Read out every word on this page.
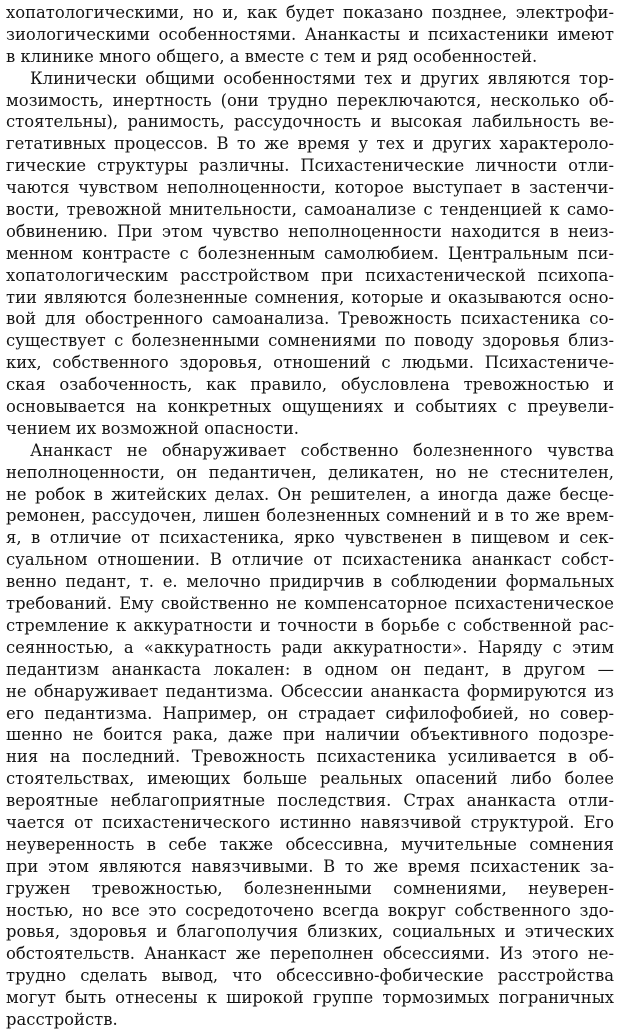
хопатологическими, но и, как будет показано позднее, электрофи-
зиологическими особенностями. Ананкасты и психастеники имеют
в клинике много общего, а вместе с тем и ряд особенностей.
Клинически общими особенностями тех и других являются тор-
мозимость, инертность (они трудно переключаются, несколько об-
стоятельны), ранимость, рассудочность и высокая лабильность ве-
гетативных процессов. В то же время у тех и других характероло-
гические структуры различны. Психастенические личности отли-
чаются чувством неполноценности, которое выступает в застенчи-
вости, тревожной мнительности, самоанализе с тенденцией к само-
обвинению. При этом чувство неполноценности находится в неиз-
менном контрасте с болезненным самолюбием. Центральным пси-
хопатологическим расстройством при психастенической психопа-
тии являются болезненные сомнения, которые и оказываются осно-
вой для обостренного самоанализа. Тревожность психастеника со-
существует с болезненными сомнениями по поводу здоровья близ-
ких, собственного здоровья, отношений с людьми. Психастениче-
ская озабоченность, как правило, обусловлена тревожностью и
основывается на конкретных ощущениях и событиях с преувели-
чением их возможной опасности.
Ананкаст не обнаруживает собственно болезненного чувства
неполноценности, он педантичен, деликатен, но не стеснителен,
не робок в житейских делах. Он решителен, а иногда даже бесце-
ремонен, рассудочен, лишен болезненных сомнений и в то же врем-
я, в отличие от психастеника, ярко чувственен в пищевом и сек-
суальном отношении. В отличие от психастеника ананкаст собст-
венно педант, т. е. мелочно придирчив в соблюдении формальных
требований. Ему свойственно не компенсаторное психастеническое
стремление к аккуратности и точности в борьбе с собственной рас-
сеянностью, а «аккуратность ради аккуратности». Наряду с этим
педантизм ананкаста локален: в одном он педант, в другом —
не обнаруживает педантизма. Обсессии ананкаста формируются из
его педантизма. Например, он страдает сифилофобией, но совер-
шенно не боится рака, даже при наличии объективного подозре-
ния на последний. Тревожность психастеника усиливается в об-
стоятельствах, имеющих больше реальных опасений либо более
вероятные неблагоприятные последствия. Страх ананкаста отли-
чается от психастенического истинно навязчивой структурой. Его
неуверенность в себе также обсессивна, мучительные сомнения
при этом являются навязчивыми. В то же время психастеник за-
гружен тревожностью, болезненными сомнениями, неуверен-
ностью, но все это сосредоточено всегда вокруг собственного здо-
ровья, здоровья и благополучия близких, социальных и этических
обстоятельств. Ананкаст же переполнен обсессиями. Из этого не-
трудно сделать вывод, что обсессивно-фобические расстройства
могут быть отнесены к широкой группе тормозимых пограничных
расстройств.
